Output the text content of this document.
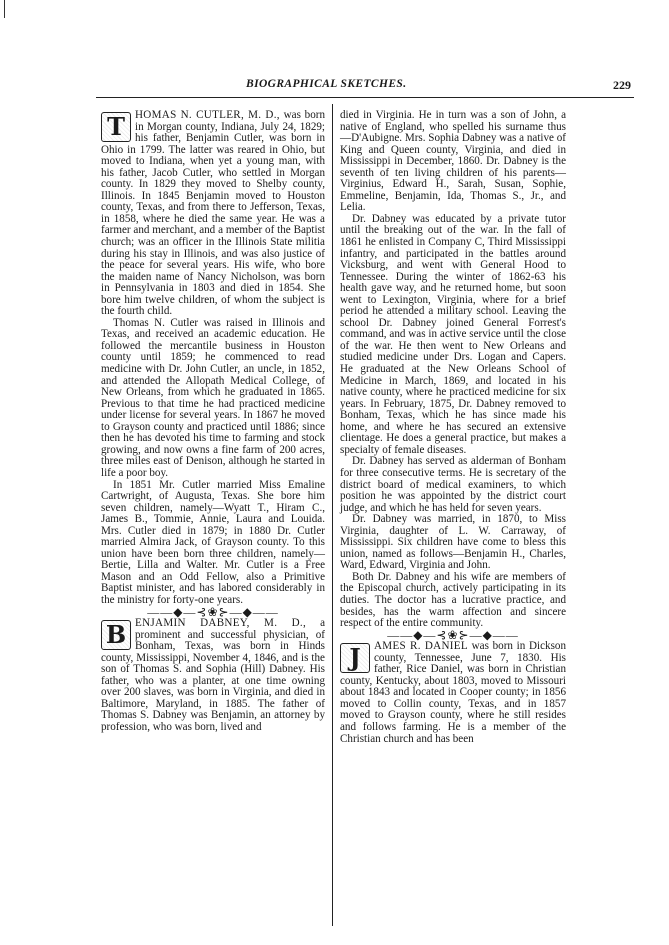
BIOGRAPHICAL SKETCHES.	229

T HOMAS N. CUTLER, M. D., was born in Morgan county, Indiana, July 24, 1829; his father, Benjamin Cutler, was born in Ohio in 1799. The latter was reared in Ohio, but moved to Indiana, when yet a young man, with his father, Jacob Cutler, who settled in Morgan county. In 1829 they moved to Shelby county, Illinois. In 1845 Benjamin moved to Houston county, Texas, and from there to Jefferson, Texas, in 1858, where he died the same year. He was a farmer and merchant, and a member of the Baptist church; was an officer in the Illinois State militia during his stay in Illinois, and was also justice of the peace for several years. His wife, who bore the maiden name of Nancy Nicholson, was born in Pennsylvania in 1803 and died in 1854. She bore him twelve children, of whom the subject is the fourth child.

Thomas N. Cutler was raised in Illinois and Texas, and received an academic education. He followed the mercantile business in Houston county until 1859; he commenced to read medicine with Dr. John Cutler, an uncle, in 1852, and attended the Allopath Medical College, of New Orleans, from which he graduated in 1865. Previous to that time he had practiced medicine under license for several years. In 1867 he moved to Grayson county and practiced until 1886; since then he has devoted his time to farming and stock growing, and now owns a fine farm of 200 acres, three miles east of Denison, although he started in life a poor boy.

In 1851 Mr. Cutler married Miss Emaline Cartwright, of Augusta, Texas. She bore him seven children, namely—Wyatt T., Hiram C., James B., Tommie, Annie, Laura and Louida. Mrs. Cutler died in 1879; in 1880 Dr. Cutler married Almira Jack, of Grayson county. To this union have been born three children, namely—Bertie, Lilla and Walter. Mr. Cutler is a Free Mason and an Odd Fellow, also a Primitive Baptist minister, and has labored considerably in the ministry for forty-one years.

——◆—⊰❀⊱—◆——

B ENJAMIN DABNEY, M. D., a prominent and successful physician, of Bonham, Texas, was born in Hinds county, Mississippi, November 4, 1846, and is the son of Thomas S. and Sophia (Hill) Dabney. His father, who was a planter, at one time owning over 200 slaves, was born in Virginia, and died in Baltimore, Maryland, in 1885. The father of Thomas S. Dabney was Benjamin, an attorney by profession, who was born, lived and

died in Virginia. He in turn was a son of John, a native of England, who spelled his surname thus—D'Aubigne. Mrs. Sophia Dabney was a native of King and Queen county, Virginia, and died in Mississippi in December, 1860. Dr. Dabney is the seventh of ten living children of his parents—Virginius, Edward H., Sarah, Susan, Sophie, Emmeline, Benjamin, Ida, Thomas S., Jr., and Lelia.

Dr. Dabney was educated by a private tutor until the breaking out of the war. In the fall of 1861 he enlisted in Company C, Third Mississippi infantry, and participated in the battles around Vicksburg, and went with General Hood to Tennessee. During the winter of 1862-63 his health gave way, and he returned home, but soon went to Lexington, Virginia, where for a brief period he attended a military school. Leaving the school Dr. Dabney joined General Forrest's command, and was in active service until the close of the war. He then went to New Orleans and studied medicine under Drs. Logan and Capers. He graduated at the New Orleans School of Medicine in March, 1869, and located in his native county, where he practiced medicine for six years. In February, 1875, Dr. Dabney removed to Bonham, Texas, which he has since made his home, and where he has secured an extensive clientage. He does a general practice, but makes a specialty of female diseases.

Dr. Dabney has served as alderman of Bonham for three consecutive terms. He is secretary of the district board of medical examiners, to which position he was appointed by the district court judge, and which he has held for seven years.

Dr. Dabney was married, in 1870, to Miss Virginia, daughter of L. W. Carraway, of Mississippi. Six children have come to bless this union, named as follows—Benjamin H., Charles, Ward, Edward, Virginia and John.

Both Dr. Dabney and his wife are members of the Episcopal church, actively participating in its duties. The doctor has a lucrative practice, and besides, has the warm affection and sincere respect of the entire community.

——◆—⊰❀⊱—◆——

J	AMES R. DANIEL was born in Dickson county, Tennessee, June 7, 1830. His father, Rice Daniel, was born in Christian county, Kentucky, about 1803, moved to Missouri about 1843 and located in Cooper county; in 1856 moved to Collin county, Texas, and in 1857 moved to Grayson county, where he still resides and follows farming. He is a member of the Christian church and has been
